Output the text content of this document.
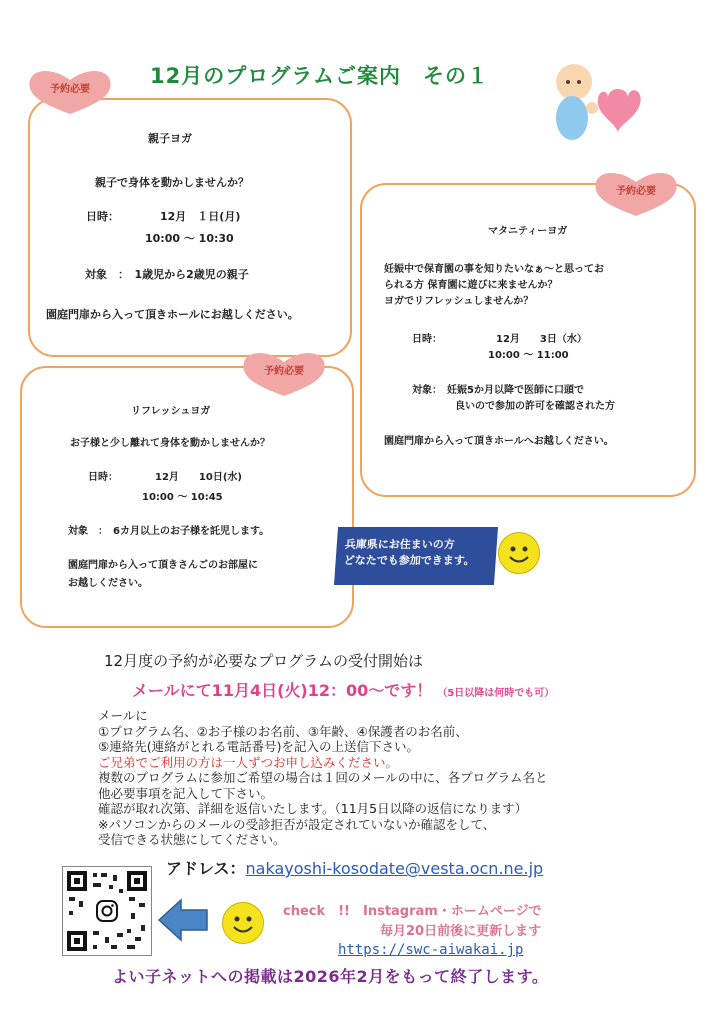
12月のプログラムご案内　その１
予約必要
親子ヨガ
親子で身体を動かしませんか？
日時：	12月　１日(月)
10:00 ～ 10:30
対象　：　1歳児から2歳児の親子
園庭門扉から入って頂きホールにお越しください。
予約必要
マタニティーヨガ
妊娠中で保育園の事を知りたいなぁ～と思ってお
られる方 保育園に遊びに来ませんか？
ヨガでリフレッシュしませんか？
日時：	12月　　3日（水）
10:00 ～ 11:00
対象：　妊娠5か月以降で医師に口頭で
良いので参加の許可を確認された方
園庭門扉から入って頂きホールへお越しください。
予約必要
リフレッシュヨガ
お子様と少し離れて身体を動かしませんか？
日時：	12月　　10日(水)
10:00 ～ 10:45
対象　：　6カ月以上のお子様を託児します。
園庭門扉から入って頂きさんごのお部屋に
お越しください。
兵庫県にお住まいの方
どなたでも参加できます。
12月度の予約が必要なプログラムの受付開始は
メールにて11月4日(火)12：00～です！ （5日以降は何時でも可）
メールに
①プログラム名、②お子様のお名前、③年齢、④保護者のお名前、
⑤連絡先(連絡がとれる電話番号)を記入の上送信下さい。
ご兄弟でご利用の方は一人ずつお申し込みください。
複数のプログラムに参加ご希望の場合は１回のメールの中に、各プログラム名と
他必要事項を記入して下さい。
確認が取れ次第、詳細を返信いたします。（11月5日以降の返信になります）
※パソコンからのメールの受診拒否が設定されていないか確認をして、
受信できる状態にしてください。
アドレス：nakayoshi-kosodate@vesta.ocn.ne.jp
check　!!　Instagram・ホームページで
毎月20日前後に更新します
https://swc-aiwakai.jp
よい子ネットへの掲載は2026年2月をもって終了します。
